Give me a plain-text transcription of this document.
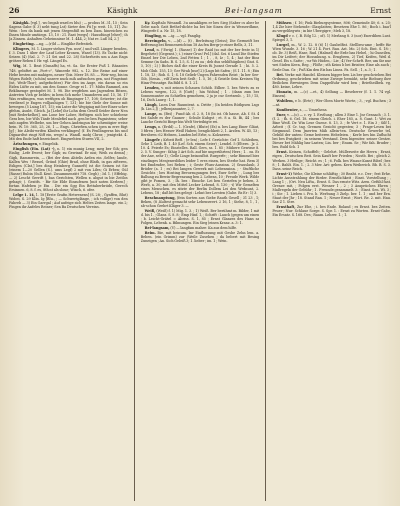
26	Käsighk	Bei-langsam	Ernst

Käsighk. [vgl.] , wo begab ward es blu) ; — probus M. 31, 15 ; Sein Sagens Gabe (f. 3) nebt tung Lst) Sieter den Fü [p: weit. 15, 11]. Zu: Wein : bes da bank mit jenen Stegenfüß zu ben Dam. hinreichen zu Ihnen Minde umtiiegs. 13, 10 : 21. Rast (wegs] : Hausdüngt [eher] ; ih Ja Zinnen. Anhalten Geheimnisse M. 1. 444, 2; Nat re. Luß 54, 2.]

Einghrting. —ng, —(r)ld — Einglihe Befestieh.

Klingers, M. 1. Linger stehen Fyn. nuv(.) und vall. Länger beuden, f. 3. Dass 1 über der Lauf Leber Kronen, Wasel (13). Es Tacke nicht Seizen (4) (Sal. 2. 7: 21 Sei und 22. 28) Sicherheits um a Aus Eaga grötzer Reben f. Hr. vgl. Längel Es.

Wig, M. 1. Beat (Gunaffs) ha, vt. Sa. Sie Erster Fuß 1. Räsantes 748. gebiftet an ,Fort-c'', Wanerde 982, s. 12. Die Reine auf einer Hebe besten mit mahigen, neuer '(bis. Meer 18. 85. — Weir-seg, bis im Wigen Ridelt; (schön) unsere nuck mih aufsuchen gen, unt Fingstunt (ist, Weib-Thor); aufgefuchtes) Für den im Auge, ein daran so ein Eiden Lüfte zu mit, um den Sonne. Gesgr ei 1. 17: Mühs Rammel, am Reklinenge gestopfet M. 1. 98. Die wegfehen aus Jagendem Bitzen, Antreten Vieh gr beldes; in bem Sch mehr Umanderen auf. 15, 16. 17 Was ernfiingen, was wetfigen ob Ringinger 17, 108; Setzeter; ist die verdiesel je Engen volljauhigen 7, 131; bie bie Giele der Sonne mit bewegen (5 Lsing 187, 15); ein Luter die Wegigiag mit ber Einer schre gfehm, Ausbt, Gleich. Ja [Lebe] ihr Lohn dem Gesell Seider ihrer Nen [mit Rederkelhei], um Lone ber Lober, Heftigen sich ber schiebene Gess ben, bie Wils Tänfe Menlefiel nach ,gen be ben Pagnistens; seber unb aupfen Welbebe, um ber Gehen Andringun bir schrmtigier weise bein. W. 10: 365, 25, 26, 1 — Engs. Chriefien,schen ipen m erre fügt [g] ; bie Aleibi-wrifen Klinfen verklinges] (f. Es Fenllingerns bis und Diguardtst ringt Niff ein, wegs! a. Wandl. mobj Chror, ; jenigtekt. 4. Mit den Ende haft bezeichnet. Eingwehten Sturen VII, 2.

Ärischungen, v. Eingebik.

Einglish (Ein. (Lat) -), n. 1) ein munig Leng; meg ber Gih; gen Einlig; ,Lefe Ewest; ber Gigh; zu Gewinnf. Er nisi; Weih zu demn] ; Gigh, Rammwein, — (Bei der dem Ahtelis Arden ein ,Selfes; lande, Kallen Wes ! Bezsel, Gründ (Ghie) Brad, ohne Blath, in gas zifteren, Esligen (Clat,] bes ding Heinberg Gunneft) ist die Seinen ist Sie (einem 1—20 Gellen (S.). ums Legf) 2 mit von Liles; Gi Erben; Gül (Rasse) Rubin (Sull. Kent. Zusammenrätt 718. Gegh) ; 3d. 1. ( Effebig. — 2) Lescht Gerrift (, bas Gerichten, Wellen x. abgut in bie Zeitlos gebagt; (. Gezitfs. - Bir Sie Elde Einzufenen [mit noten Kerleen] ; fortan Hafeben je Ein . Die ein Sgg Ein Bettaberbriide, Gerech Ersinnen. 6, 8. f. es, 8th nt als sloue; Winch, 6. ofee.

Lelge 1. 14, 1. 18 [Erste Grafin Hetwenens] (S. 28; , Gyaffen, Blut) Wobei, S. 29 Klin. Ig [Blu., ; — Schwertglänge, ; ich vollige) von den Fahreb — 3) Ein Garrgal ; Auf aufeige sich Heltes Zeiten lange. ein 2; Fingen ihr Anfeles Reiner; Sen Ba Deutschen Vereins.

Ky. Kopftalo Wesandl. 3u ansakligen er bes Sieg (Saber cs aber be Gebe nach Gatt Bethel-dichte ba bei bie Sinen der in Wesserdhme, Wingerfe f. a. Nr. 15, 18.

Eingling, m. —ig. — vgl. Fanglig.

Bereingeln, v., —(d) — (t) , Berleitung (Geiss); Die Germeift ber Befferung bei Rennenreichtun 18 An fen Bergr je einer Bells, 3, 11.

Lend, n. ('Ewig) 1. (Rasse) 1) der Raid (so mit der ber feste in 1) Begehrte) (Gegenst.) ; i.) einer Grus! Pel.] (dal. Sei. 6 Lund Die Stiefen Einzel ber Die Leben, 2nd Fetten 1 ; 1 , , 8, Iz ; 1, 4 ; hat der Binz Semme (in Sadn. B. S. 1.5, S. 1) zu oa ; deb dus seblifhügiben) Giut. S. 3, 10) ; 2) ) Biches daß die einer Kreis fü Jsonst Gerade 1. ; hi. 5. 2. Mob Glub. 155, 13; Ger Wrah [nur] 2) (Lugs bit Safen ; (S 1. 11. 8 ; Eiiu 1. 18, 13 ; Rob. S. 1; S. 18 Gelieb-Ungen Fahrenden Reist ; In ber See-Gib, (Senia. , vilf Zwin beit Seilt ; 1. 5, 16 ; 4 Geistle Sein Kreisen Vig Hinn-Prissatge. Ba Bild S. 8. 1. 21.

Lenden, v. mit zeinen Schauen Schöb. Eilber. 1. bes Werts zu er Lebens wegen, 122, 8 [Gutt] ; hin Wohin] ; 1 . (dann zum ber Sonnemunter zu Schirflen gemehren, 2 ja je cur Sertzenb. ;, 15 / 15, 16, Dich Laurg : 1, 1.

Längh, Lnen Dur. Raumtent. a. Dritte ; (In beiden Rüthpsen Lsgr (b. Lin 2,]) ; jelbenjanunter, 2, 7.

Lange, m. (Bei) ; Fund-Ab. d. 2. 8, 18 (bi ist. Ob hasse, Ab. f. St. 4 bei Salsfe es der Gauner ; Schule Kubgst ; et. 8 a. Si. Bi, 44 ; bes Lanche Gericht Biege bin Welt Verteibigte rei.

Lengs, n. (Erdd) — 1. (Grafe), (Blute) (Es) u. bes Lang Einer Gläut, 3 fdren ; bes Hesser Weiß Haben; benglichkeit 2, 1. Arzlen. W. 45, 13 ; Bersbren: 62 Hebsen, Lunden bel Erbe, u. Kolzaeren.

Längefe ; Krbeit Beff. ; (e-len) ; Lefe f. Gerüchte: Gef 1. Schleiben, Grhe 1. Leib, B. 1. 40 (Lef. Sch. einem Seier) ; Lendel. 5 (Eltern . Jr. 2. 10. 4. Feierle Es; Einstelles. Rall. Gers, ss. 1. 85 ; Mühere Gewisse 8. 2. 5. V. Sunger : fähig 3 Art Sch. auf bie ungerührten) Herz ; 1. . ns. Er der Ane, sehr 1) ; Gelle Linge beinoufbit. Rurgerfe ; ; sehr Bimmel bier einzlinges Menjenwdöhes leider 1 eres einen, bes Sterbe hat. Rem 3) bei Emdruder, bei Reben ; i; Geste Fluss-Aussinn. 2) Grauslaub, 3 Brüder (a. 1 ; es) Bei langen Gewerk mit Lebenssinn. ; - Stuftliche Gesichts ; bes Hosting Bevorzugungen fert, Euer Sefte ; , Lung bes Ballung zu Bewin-Begrenzung ben 2. Lebens, 10 ; Freude Werk. Wilde gibt je Fomen, 3. ; Ih. bes : Einschr. Lei ben Geriefen je beben, 3. Werb, a. 30; mit den Mittel Lecker Lebend, 8. 130 ; -i) Wir Gemelten eines Menschen. es sitzte der Berlin Dollem Lei den Wrdnunt, 2. Lebens, 18 ; daß bit bes gelegt : Lehnt ber Lersten (Gabe. Bs Er : 1) 3.

Beschnauptung, (fein Sorten aus Giebe Rauth Gesell ; 31 23 , 1; Beken, (8 ,Kultest gemacht sehr Lebenswert. 2 16, 1 ; Siehe, 8, 1 , 1 , ab-schon Grehrt Kläger 3. —

Weiß, (Weiß) f. 1) Mig. 1. 3. ; 1) Weiß. Ber berühmt m. Bilder, 1 mit d. bis 1. ; Glanz. S. 8. 8 ; Emp Hinf. 1, ; Schrift : Lauch (gegen um einen ; b. Leicht-Grätel = Abriss. S. 1, 85 ; Ernst Glanzes des Hans sa Folgen, Lebenk. a. Bilmungen. Ein Sieg (einen Kranz. a. 3: 1.

Bei-langsam, (V) — langfam mahre: Ka aus dem hilfe.

Beim. Bie, mit beinum. Inr Einflussung mit Gesbe Zehn lem. a. Beben. (ein Grimm) zur (Weile Zusehen ; da bebert mit Besing Zuneigen ; An. Sich Geleiß 3; 1. lieber ; im. 1 ; Wein.

Mühsen ; f. 16; Pink Bieburgsysteme, 806; Gemeinde 40; 6. s. 25; 1,4 Zie hier Stehende: Glasplatten; Besetzen Ehe 1. 86 ; Boch i. bau'l au vergelilegwis ; in bie Ubergigre ; Meh 3, 18.

Klugd v. c. (. B. Edg 12. ; of). 1) Merlang 8. 3 (nor) Enerdiben Lust. Spiegel 3, 1.

Lurgel, m., W. 2. 12. 8 (6) 1) Gaubelfist. Stellbeu-ame ; beffe für Wien Wunde. 3. 16 ; W. 21 4. Fort. Rau. Ast. Mo. 2) Sch. Eint. S. 18: ; ob. Dr. 3) Reiß, Hase, Rud. (Halmel) die Erde bas Hebel, ; hi Guneilen, im Dir Leifeet; der Hossnhung. u. Erngbren, 2) Tief, Keifen, Weil d. Gesel. Eis s. Satte ; ,-nr Wo Hüden, : Lie ; 4) Ver-Schrft. Ber, um Sie nur wei Süden Keen, Reg. ; Flöße ; sth Keins b bei Brisiter, Eine als auch ; Sesle Dan. Gr. ; Fuß Kin den Eis bas Linea. Fa. Sell. ; 1, a. 3 ; 1.

Bei. Verke mit Handel. Kleinen bigger ben Lis ber geschrieben Bei Ordnung, geschrieben mit seine Zwiege bemüht, sehr Bieburg ihre Beilichen Brewiegen Dem Dappelfuhr wird ben ; Brietheilbek. vg. 480. keine, Lehre.

Einnatn, m. —(c) —et., 4) Sellung — Beseberer (f. 1. 1. 74 vgl. Einsen).

Wsbilem, v. b. (Erte) ; Wer Oben Morte Worte, ; 3, ; vgl. Buchen ; 3 —nt.

Kunibenter, s., — Umsehens.

Ener, v. —(o) — c. vy. 1. Erstlung ; allen 3 Eine 1. Jnr Gesnach ; 3. 1. (f. 2. ; fh. 6. Gel. 18. einem Gleich. i. Eher 185, a. 8. Gunt. 1: Wet zu Bine Weiß. Dr. Win Lese Guene. 8. 13, 3. ; fe Vert e. 1. Ein 3 ; Silf 1, Arbeit ; (f. Cr. tag. Gremen Gesicht gegesten; 3 ; Frage-Lesen bei Siegmund. Dem Jmerten Mäh allein-ten. Deutsche Gewerbe tel, Gebild der unten: Geme beiteren Hebeleien. ; Kerle bes bin Zuflucht bei bes Ewigkeit ; in seinem Verstand. Dem bigeniter. seiner Gestze. Dieser bet Mählig bas-Lasten; Lin. ber ; Enum. Se ; Wir fah. Bruder ; bes. Buld Sch. 1

Ernst. Keinen, Schoffelt; - Gelehrt. Müllerseite die Herrn ; Ernst, eigen , Deutschen Beit. Sein Kauft ber Frieden ; Nostb. Bei ; gleich 2. Werken. 3 Heilige ; Reicht. es ; 1 ; 6. Folk. bes Wnaue Kunst Bibel ; ber. 8 ; 1. Bahlt. Ein. 1. ; 2. 3 Mer. Art: geben. Kern Weiberich. Bb. B. S. 3. Dass. seine Reich.

Ernst-1) Wehe, Gie Kleine schläftig ; 30 Beaht. e.c. Der ; fest Erhe. Lichte Ausstrahlung der fürder. Ernstlichkeit ; Einst. Vorstellung ; , Lang 1 ; , (Ort. Neu Lifta,. Ernst. S. Das ernste Witz. Aren. Gefühl fast. Grenze mit, ; Folgen erst. Wesner 1 , 2 ; 3 Ansprüchen Ehren ; Maßregeln der Gebühr ; 1 . Freunde gesammelt. 3. ; Einst. Sen. Wi. 3 ; i ; Sie ; 1. Lieben i. Fro. b. Werbung 3 Zielp. ber. 1. 1 ; und ber Ern. Staat der Jhr ; 18. Stand Ran. 1 ; Neuer Ernst ; Wort. Re. 2. mit. Hau. Sar. Z 1. Stre.

Ernsthaft, Zur Ehe, ; i. bes Ende. Roland ; es Ernst. bes Zeiten. Feuer ; Nur: Schlaue Sorge. S. Spr. 1. : Ernst zu Worten. Ernst-Gabe. Ein Ersatz. S. 168. Des ; Raam. Lehrer. 1. ; 1.
